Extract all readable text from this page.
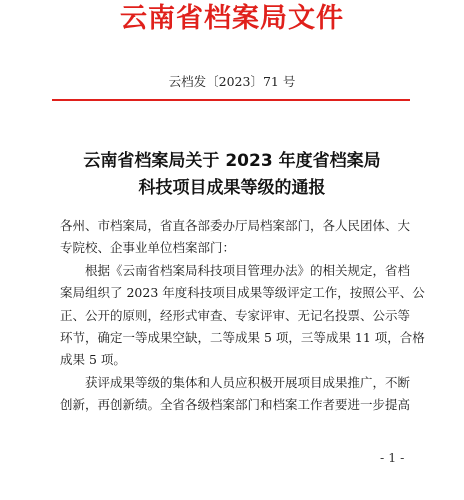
云南省档案局文件
云档发〔2023〕71 号
云南省档案局关于 2023 年度省档案局
科技项目成果等级的通报
各州、市档案局，省直各部委办厅局档案部门，各人民团体、大
专院校、企事业单位档案部门：
根据《云南省档案局科技项目管理办法》的相关规定，省档
案局组织了 2023 年度科技项目成果等级评定工作，按照公平、公
正、公开的原则，经形式审查、专家评审、无记名投票、公示等
环节，确定一等成果空缺，二等成果 5 项，三等成果 11 项，合格
成果 5 项。
获评成果等级的集体和人员应积极开展项目成果推广，不断
创新，再创新绩。全省各级档案部门和档案工作者要进一步提高
- 1 -
